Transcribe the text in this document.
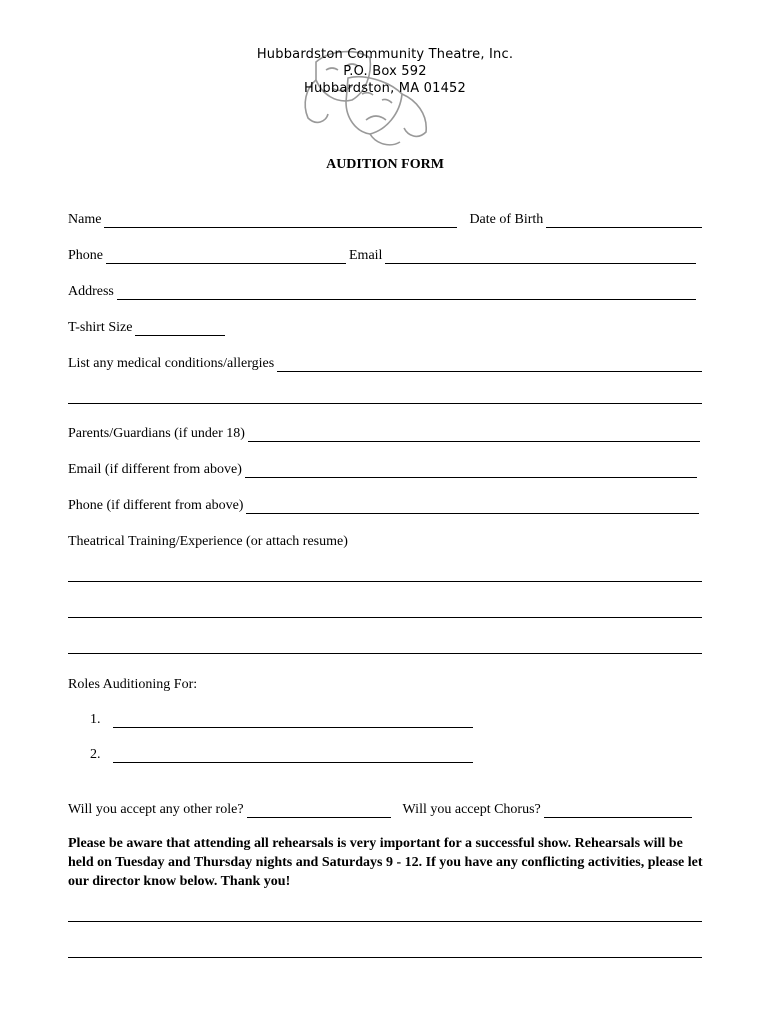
Hubbardston Community Theatre, Inc.
P.O. Box 592
Hubbardston, MA 01452
AUDITION FORM
Name	Date of Birth
Phone	Email
Address
T-shirt Size
List any medical conditions/allergies
Parents/Guardians (if under 18)
Email (if different from above)
Phone (if different from above)
Theatrical Training/Experience (or attach resume)
Roles Auditioning For:
1.
2.
Will you accept any other role?	Will you accept Chorus?
Please be aware that attending all rehearsals is very important for a successful show. Rehearsals will be held on Tuesday and Thursday nights and Saturdays 9 - 12. If you have any conflicting activities, please let our director know below. Thank you!
